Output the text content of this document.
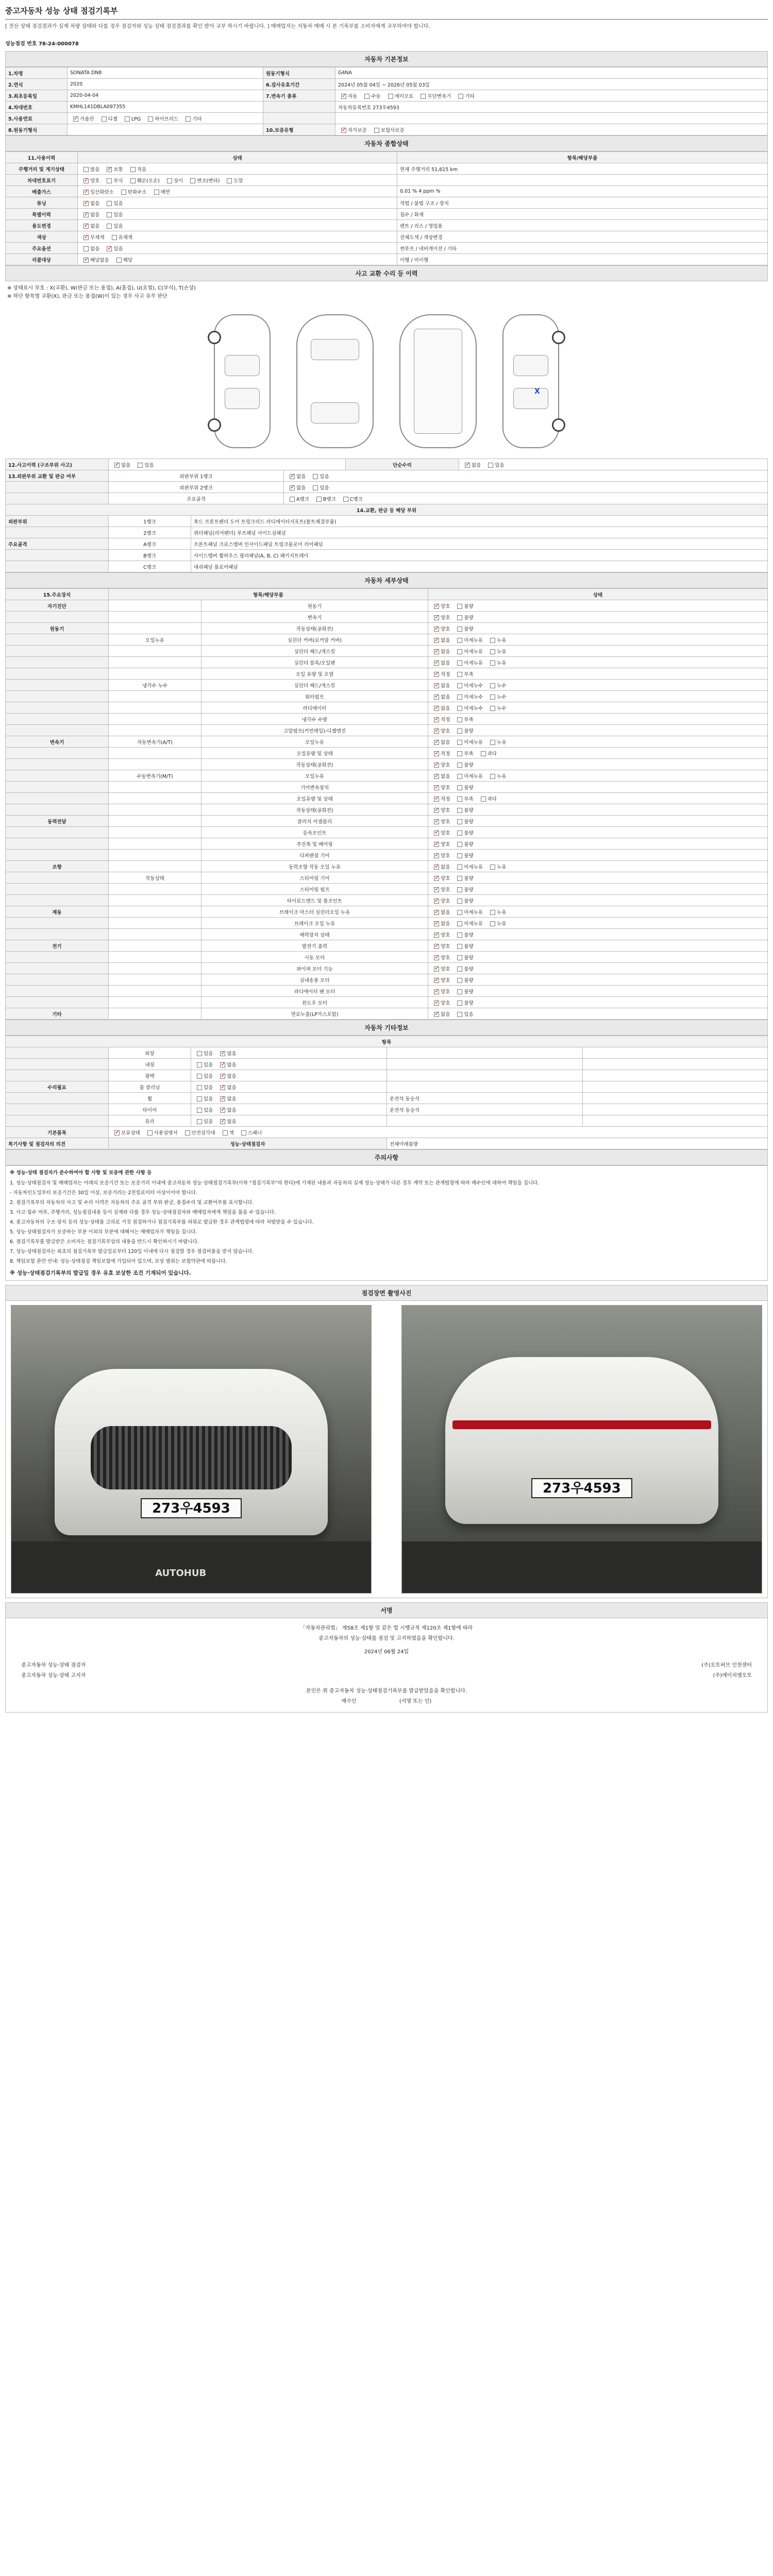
중고자동차 성능 상태 점검기록부
[ 전산 상태 점검결과가 실제 차량 상태와 다를 경우 점검자와 성능 상태 점검결과를 확인 받아 교부 하시기 바랍니다. ] 매매업자는 자동차 매매 시 본 기록부를 소비자에게 교부하여야 합니다.
성능점검 번호 78-24-000078
자동차 기본정보
1.차명	SONATA DN8	원동기형식	G4NA
2.연식	2020	6.검사유효기간	2024년 05월 04일 ~ 2026년 05월 03일
3.최초등록일	2020-04-04	7.변속기 종류	✓자동 수동 세미오토 무단변속기 기타
4.차대번호	KMHL141DBLA097355		자동차등록번호 273우4593
5.사용연료	✓가솔린 디젤 LPG 하이브리드 기타		
8.원동기형식		10.보증유형	✓자가보증 보험사보증
자동차 종합상태
11.사용이력	상태	항목/해당부품
주행거리 및 계기상태	많음 ✓ 보통 적음	현재 주행거리 51,615 km
차대번호표기	✓양호 부식 훼손(오손) 상이 변조(변타) 도말	
배출가스	✓일산화탄소 탄화수소 매연	0.01 % 4 ppm %
튜닝	✓없음 있음	적법 / 불법 구조 / 장치
특별이력	✓없음 있음	침수 / 화재
용도변경	✓없음 있음	렌트 / 리스 / 영업용
색상	✓무채색 유채색	전체도색 / 색상변경
주요옵션	없음 ✓ 있음	썬루프 / 네비게이션 / 기타
리콜대상	✓해당없음 해당	이행 / 미이행
사고 교환 수리 등 이력
※ 상태표시 부호 : X(교환), W(판금 또는 용접), A(흠집), U(요철), C(부식), T(손상)
※ 하단 항목별 교환(X), 판금 또는 용접(W)이 있는 경우 사고 유무 판단
X
12.사고이력 (구조부위 사고)	✓없음 있음			단순수리	✓없음 있음
13.외판부위 교환 및 판금 여부	외판부위 1랭크	✓없음 있음
	외판부위 2랭크	✓없음 있음
	주요골격		A랭크 B랭크 C랭크		
14.교환, 판금 등 해당 부위					
외판부위	1랭크	후드 프론트펜더 도어 트렁크리드 라디에이터서포트(볼트체결부품)			
	2랭크	쿼터패널(리어펜더) 루프패널 사이드실패널			
주요골격	A랭크	프론트패널 크로스멤버 인사이드패널 트렁크플로어 리어패널			
	B랭크	사이드멤버 휠하우스 필러패널(A, B, C) 패키지트레이			
	C랭크	대쉬패널 플로어패널			
자동차 세부상태
15.주요장치	항목/해당부품		상태
자기진단		원동기	✓양호 불량
		변속기	✓양호 불량
원동기		작동상태(공회전)	✓양호 불량
	오일누유	실린더 커버(로커암 커버)	✓없음 미세누유 누유
		실린더 헤드/개스킷	✓없음 미세누유 누유
		실린더 블록/오일팬	✓없음 미세누유 누유
		오일 유량 및 오염	✓적정 부족
	냉각수 누수	실린더 헤드/개스킷	✓없음 미세누수 누수
		워터펌프	✓없음 미세누수 누수
		라디에이터	✓없음 미세누수 누수
		냉각수 수량	✓적정 부족
		고압펌프(커먼레일)-디젤엔진	✓양호 불량
변속기	자동변속기(A/T)	오일누유	✓없음 미세누유 누유
		오일유량 및 상태	✓적정 부족 과다
		작동상태(공회전)	✓양호 불량
	수동변속기(M/T)	오일누유	✓없음 미세누유 누유
		기어변속장치	✓양호 불량
		오일유량 및 상태	✓적정 부족 과다
		작동상태(공회전)	✓양호 불량
동력전달		클러치 어셈블리	✓양호 불량
		등속조인트	✓양호 불량
		추진축 및 베어링	✓양호 불량
		디퍼렌셜 기어	✓양호 불량
조향		동력조향 작동 오일 누유	✓없음 미세누유 누유
	작동상태	스티어링 기어	✓양호 불량
		스티어링 펌프	✓양호 불량
		타이로드엔드 및 볼조인트	✓양호 불량
제동		브레이크 마스터 실린더오일 누유	✓없음 미세누유 누유
		브레이크 오일 누유	✓없음 미세누유 누유
		배력장치 상태	✓양호 불량
전기		발전기 출력	✓양호 불량
		시동 모터	✓양호 불량
		와이퍼 모터 기능	✓양호 불량
		실내송풍 모터	✓양호 불량
		라디에이터 팬 모터	✓양호 불량
		윈도우 모터	✓양호 불량
기타		연료누출(LP가스포함)	✓없음 있음
자동차 기타정보
항목				
	외장	있음 ✓ 없음		
	내장	있음 ✓ 없음		
	광택	있음 ✓ 없음		
수리필요	룸 클리닝	있음 ✓ 없음		
	휠	있음 ✓ 없음	운전석 동승석	
	타이어	있음 ✓ 없음	운전석 동승석	
	유리	있음 ✓ 없음		
기본품목	✓보유상태 사용설명서 안전삼각대 잭 스패너
특기사항 및 점검자의 의견	성능·상태점검자		전체아래불량	
주의사항
※ 성능·상태 점검자가 준수하여야 할 사항 및 보증에 관한 사항 등

1. 성능·상태점검자 및 매매업자는 아래의 보증기간 또는 보증거리 이내에 중고자동차 성능·상태점검기록부(이하 "점검기록부"라 한다)에 기재된 내용과 자동차의 실제 성능·상태가 다른 경우 계약 또는 관계법령에 따라 매수인에 대하여 책임을 집니다.

- 자동차인도일부터 보증기간은 30일 이상, 보증거리는 2천킬로미터 이상이어야 합니다.

2. 점검기록부의 자동차의 사고 및 수리 이력은 자동차의 주요 골격 부위 판금, 용접수리 및 교환여부를 표시합니다.

3. 사고·침수 여부, 주행거리, 성능점검내용 등이 실제와 다를 경우 성능·상태점검자와 매매업자에게 책임을 물을 수 있습니다.

4. 중고자동차의 구조·장치 등의 성능·상태를 고의로 거짓 점검하거나 점검기록부를 허위로 발급한 경우 관계법령에 따라 처벌받을 수 있습니다.

5. 성능·상태점검자가 보증하는 부분 이외의 부분에 대해서는 매매업자가 책임을 집니다.

6. 점검기록부를 발급받은 소비자는 점검기록부상의 내용을 반드시 확인하시기 바랍니다.

7. 성능·상태점검자는 최초의 점검기록부 발급일로부터 120일 이내에 다시 점검할 경우 점검비용을 받지 않습니다.

8. 책임보험 관련 안내: 성능·상태점검 책임보험에 가입되어 있으며, 보상 범위는 보험약관에 따릅니다.

※ 성능·상태점검기록부의 발급일 경우 유효 보상한 조건 기재되어 있습니다.
점검장면 촬영사진
273우4593
AUTOHUB
273우4593
서명
「자동차관리법」 제58조 제1항 및 같은 법 시행규칙 제120조 제1항에 따라
중고자동차의 성능·상태를 점검 및 고지하였음을 확인합니다.
2024년 06월 24일
중고자동차 성능·상태 점검자	(주)오토허브 인천센터
중고자동차 성능·상태 고지자	(주)에이치엠오토
본인은 위 중고자동차 성능·상태점검기록부를 발급받았음을 확인합니다.
매수인	(서명 또는 인)
